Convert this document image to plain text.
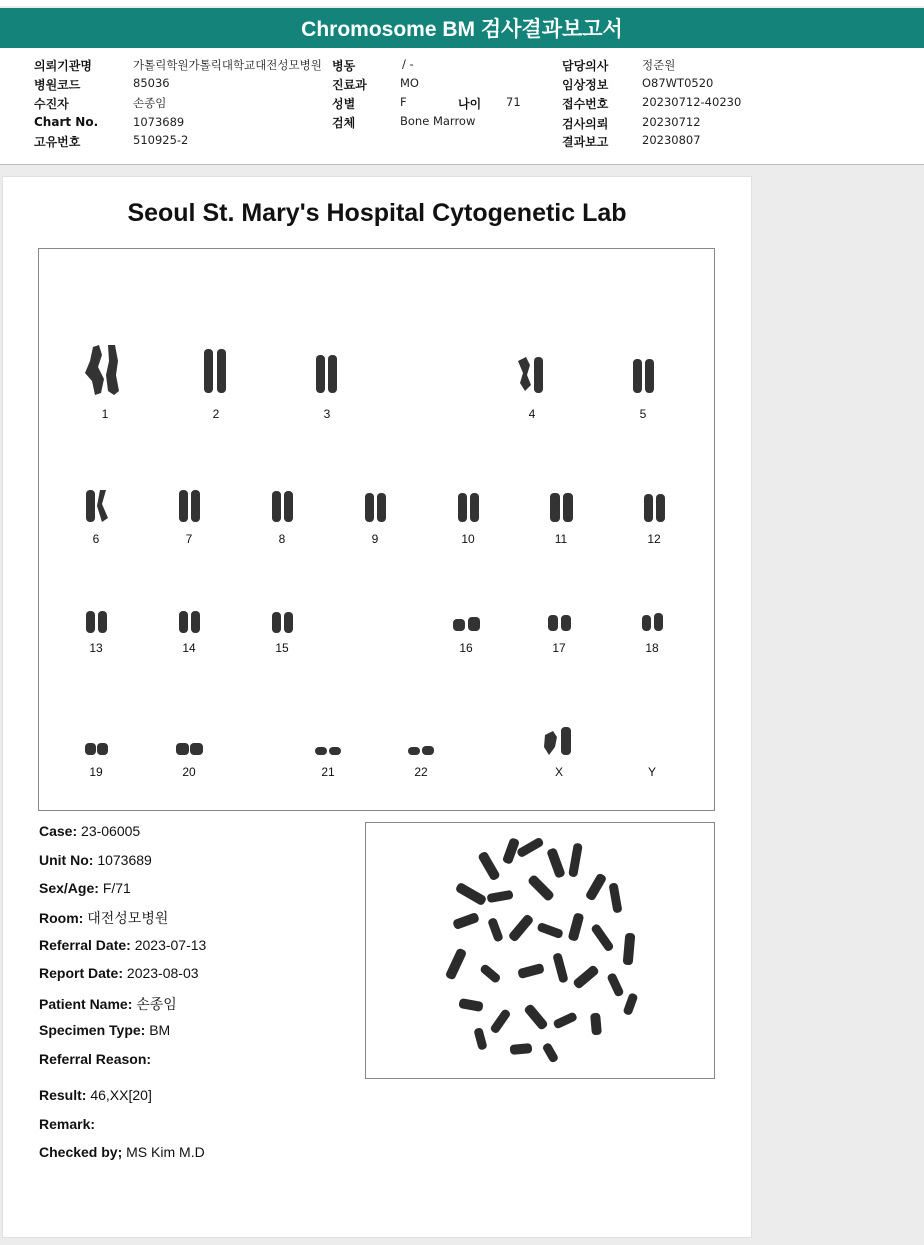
Chromosome BM 검사결과보고서
의뢰기관명	가톨릭학원가톨릭대학교대전성모병원
병원코드	85036
수진자	손종임
Chart No.	1073689
고유번호	510925-2
병동	/ -
진료과	MO
성별	F	나이 71
검체	Bone Marrow
담당의사	정준원
임상정보	O87WT0520
접수번호	20230712-40230
검사의뢰	20230712
결과보고	20230807
Seoul St. Mary's Hospital Cytogenetic Lab
1	2	3	4	5
6	7	8	9	10	11	12
13	14	15	16	17	18
19	20	21	22	X	Y
Case: 23-06005
Unit No: 1073689
Sex/Age: F/71
Room: 대전성모병원
Referral Date: 2023-07-13
Report Date: 2023-08-03
Patient Name: 손종임
Specimen Type: BM
Referral Reason:
Result: 46,XX[20]
Remark:
Checked by; MS Kim M.D
